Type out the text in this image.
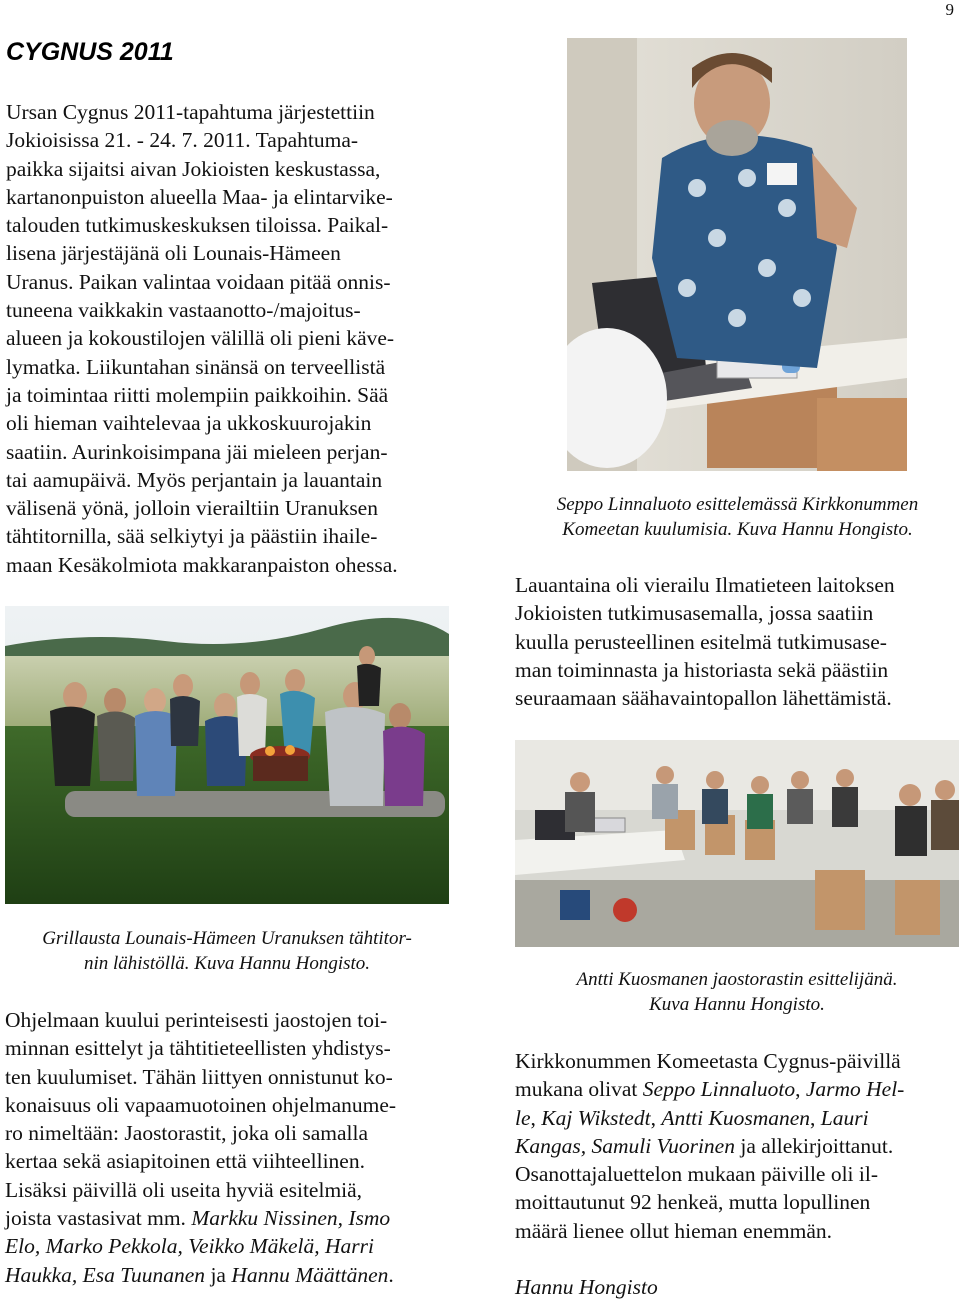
9
CYGNUS 2011
Ursan Cygnus 2011-tapahtuma järjestettiin
Jokioisissa 21. - 24. 7. 2011. Tapahtuma-
paikka sijaitsi aivan Jokioisten keskustassa,
kartanonpuiston alueella Maa- ja elintarvike-
talouden tutkimuskeskuksen tiloissa. Paikal-
lisena järjestäjänä oli Lounais-Hämeen
Uranus. Paikan valintaa voidaan pitää onnis-
tuneena vaikkakin vastaanotto-/majoitus-
alueen ja kokoustilojen välillä oli pieni käve-
lymatka. Liikuntahan sinänsä on terveellistä
ja toimintaa riitti molempiin paikkoihin. Sää
oli hieman vaihtelevaa ja ukkoskuurojakin
saatiin. Aurinkoisimpana jäi mieleen perjan-
tai aamupäivä. Myös perjantain ja lauantain
välisenä yönä, jolloin vierailtiin Uranuksen
tähtitornilla, sää selkiytyi ja päästiin ihaile-
maan Kesäkolmiota makkaranpaiston ohessa.
Seppo Linnaluoto esittelemässä Kirkkonummen
Komeetan kuulumisia. Kuva Hannu Hongisto.
Lauantaina oli vierailu Ilmatieteen laitoksen
Jokioisten tutkimusasemalla, jossa saatiin
kuulla perusteellinen esitelmä tutkimusase-
man toiminnasta ja historiasta sekä päästiin
seuraamaan säähavaintopallon lähettämistä.
Grillausta Lounais-Hämeen Uranuksen tähtitor-
nin lähistöllä. Kuva Hannu Hongisto.
Antti Kuosmanen jaostorastin esittelijänä.
Kuva Hannu Hongisto.
Ohjelmaan kuului perinteisesti jaostojen toi-
minnan esittelyt ja tähtitieteellisten yhdistys-
ten kuulumiset. Tähän liittyen onnistunut ko-
konaisuus oli vapaamuotoinen ohjelmanume-
ro nimeltään: Jaostorastit, joka oli samalla
kertaa sekä asiapitoinen että viihteellinen.
Lisäksi päivillä oli useita hyviä esitelmiä,
joista vastasivat mm. Markku Nissinen, Ismo
Elo, Marko Pekkola, Veikko Mäkelä, Harri
Haukka, Esa Tuunanen ja Hannu Määttänen.
Kirkkonummen Komeetasta Cygnus-päivillä
mukana olivat Seppo Linnaluoto, Jarmo Hel-
le, Kaj Wikstedt, Antti Kuosmanen, Lauri
Kangas, Samuli Vuorinen ja allekirjoittanut.
Osanottajaluettelon mukaan päiville oli il-
moittautunut 92 henkeä, mutta lopullinen
määrä lienee ollut hieman enemmän.
Hannu Hongisto
